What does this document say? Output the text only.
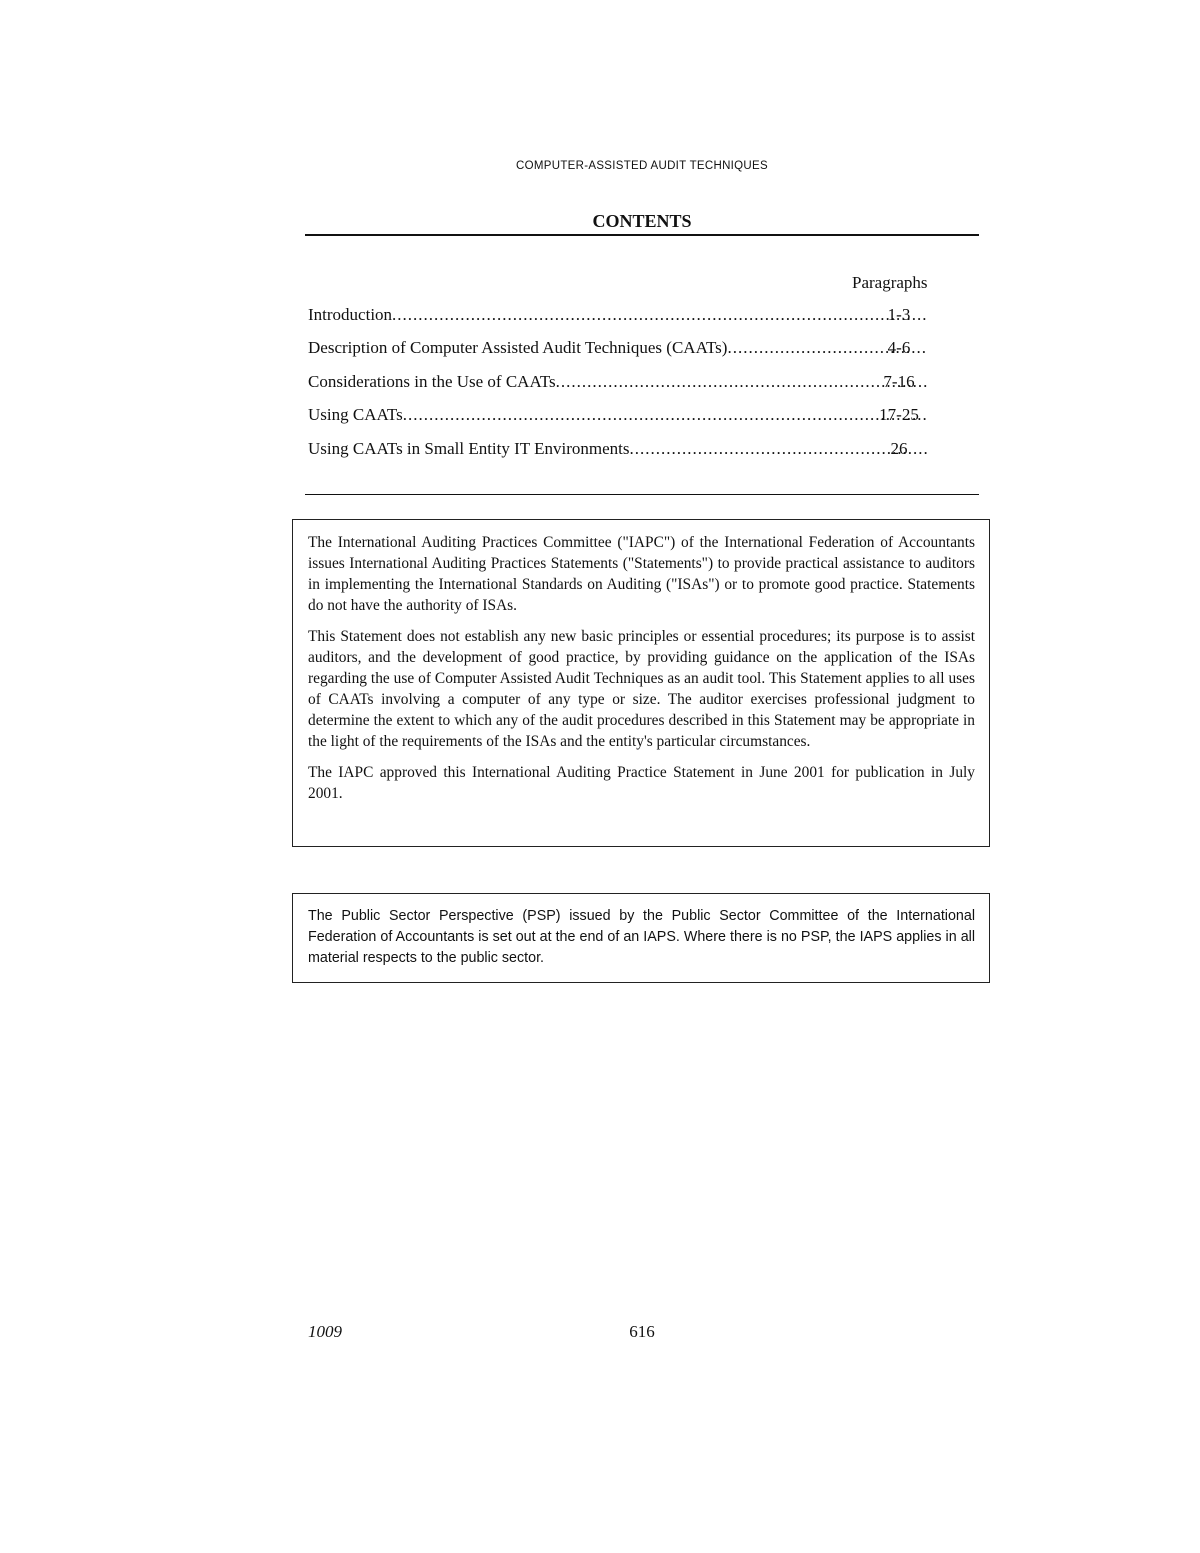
COMPUTER-ASSISTED AUDIT TECHNIQUES
CONTENTS
Paragraphs
Introduction .....	1-3
Description of Computer Assisted Audit Techniques (CAATs) .....	4-6
Considerations in the Use of CAATs .....	7-16
Using CAATs .....	17-25
Using CAATs in Small Entity IT Environments .....	26

The International Auditing Practices Committee ("IAPC") of the International Federation of Accountants issues International Auditing Practices Statements ("Statements") to provide practical assistance to auditors in implementing the International Standards on Auditing ("ISAs") or to promote good practice. Statements do not have the authority of ISAs.

This Statement does not establish any new basic principles or essential procedures; its purpose is to assist auditors, and the development of good practice, by providing guidance on the application of the ISAs regarding the use of Computer Assisted Audit Techniques as an audit tool. This Statement applies to all uses of CAATs involving a computer of any type or size. The auditor exercises professional judgment to determine the extent to which any of the audit procedures described in this Statement may be appropriate in the light of the requirements of the ISAs and the entity's particular circumstances.

The IAPC approved this International Auditing Practice Statement in June 2001 for publication in July 2001.

The Public Sector Perspective (PSP) issued by the Public Sector Committee of the International Federation of Accountants is set out at the end of an IAPS. Where there is no PSP, the IAPS applies in all material respects to the public sector.

1009	616
